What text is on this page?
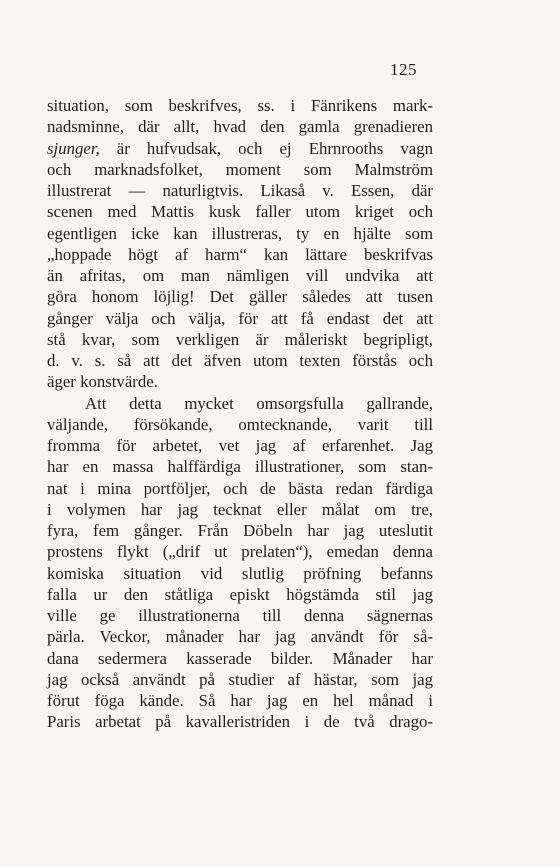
125
situation, som beskrifves, ss. i Fänrikens mark-
nadsminne, där allt, hvad den gamla grenadieren
sjunger, är hufvudsak, och ej Ehrnrooths vagn
och marknadsfolket, moment som Malmström
illustrerat — naturligtvis. Likaså v. Essen, där
scenen med Mattis kusk faller utom kriget och
egentligen icke kan illustreras, ty en hjälte som
„hoppade högt af harm“ kan lättare beskrifvas
än afritas, om man nämligen vill undvika att
göra honom löjlig! Det gäller således att tusen
gånger välja och välja, för att få endast det att
stå kvar, som verkligen är måleriskt begripligt,
d. v. s. så att det äfven utom texten förstås och
äger konstvärde.
Att detta mycket omsorgsfulla gallrande,
väljande, försökande, omtecknande, varit till
fromma för arbetet, vet jag af erfarenhet. Jag
har en massa halffärdiga illustrationer, som stan-
nat i mina portföljer, och de bästa redan färdiga
i volymen har jag tecknat eller målat om tre,
fyra, fem gånger. Från Döbeln har jag uteslutit
prostens flykt („drif ut prelaten“), emedan denna
komiska situation vid slutlig pröfning befanns
falla ur den ståtliga episkt högstämda stil jag
ville ge illustrationerna till denna sägnernas
pärla. Veckor, månader har jag användt för så-
dana sedermera kasserade bilder. Månader har
jag också användt på studier af hästar, som jag
förut föga kände. Så har jag en hel månad i
Paris arbetat på kavalleristriden i de två drago-
